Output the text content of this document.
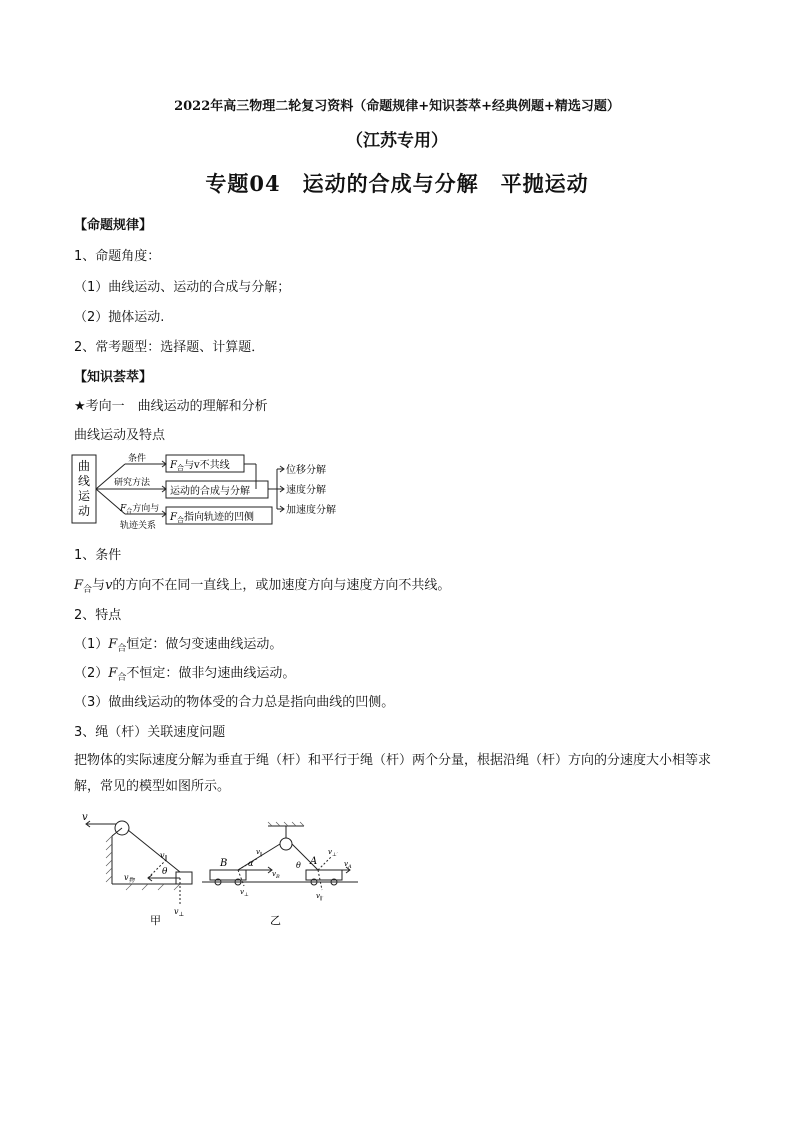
2022年高三物理二轮复习资料（命题规律+知识荟萃+经典例题+精选习题）
（江苏专用）
专题04　运动的合成与分解　平抛运动
【命题规律】
1、命题角度：
（1）曲线运动、运动的合成与分解；
（2）抛体运动.
2、常考题型：选择题、计算题．
【知识荟萃】
★考向一　曲线运动的理解和分析
曲线运动及特点
曲
线
运
动
条件
研究方法
$F_合$方向与
轨迹关系
$F_合$与v不共线
运动的合成与分解
$F_合$指向轨迹的凹侧
位移分解
速度分解
加速度分解
1、条件
$F_合$与v的方向不在同一直线上，或加速度方向与速度方向不共线。
2、特点
$(1)F_合$恒定：做匀变速曲线运动。
$(2)F_合$不恒定：做非匀速曲线运动。
（3）做曲线运动的物体受的合力总是指向曲线的凹侧。
3、绳（杆）关联速度问题
把物体的实际速度分解为垂直于绳（杆）和平行于绳（杆）两个分量，根据沿绳（杆）方向的分速度大小相等求解，常见的模型如图所示。
v
$v_\parallel$
$v_物$
θ
$v_\perp$
甲
B	A
α	θ
$v_\parallel$
$v_B$
$v_\perp$
$v_{\perp'}$
$v_A$
$v_{\parallel'}$
乙
